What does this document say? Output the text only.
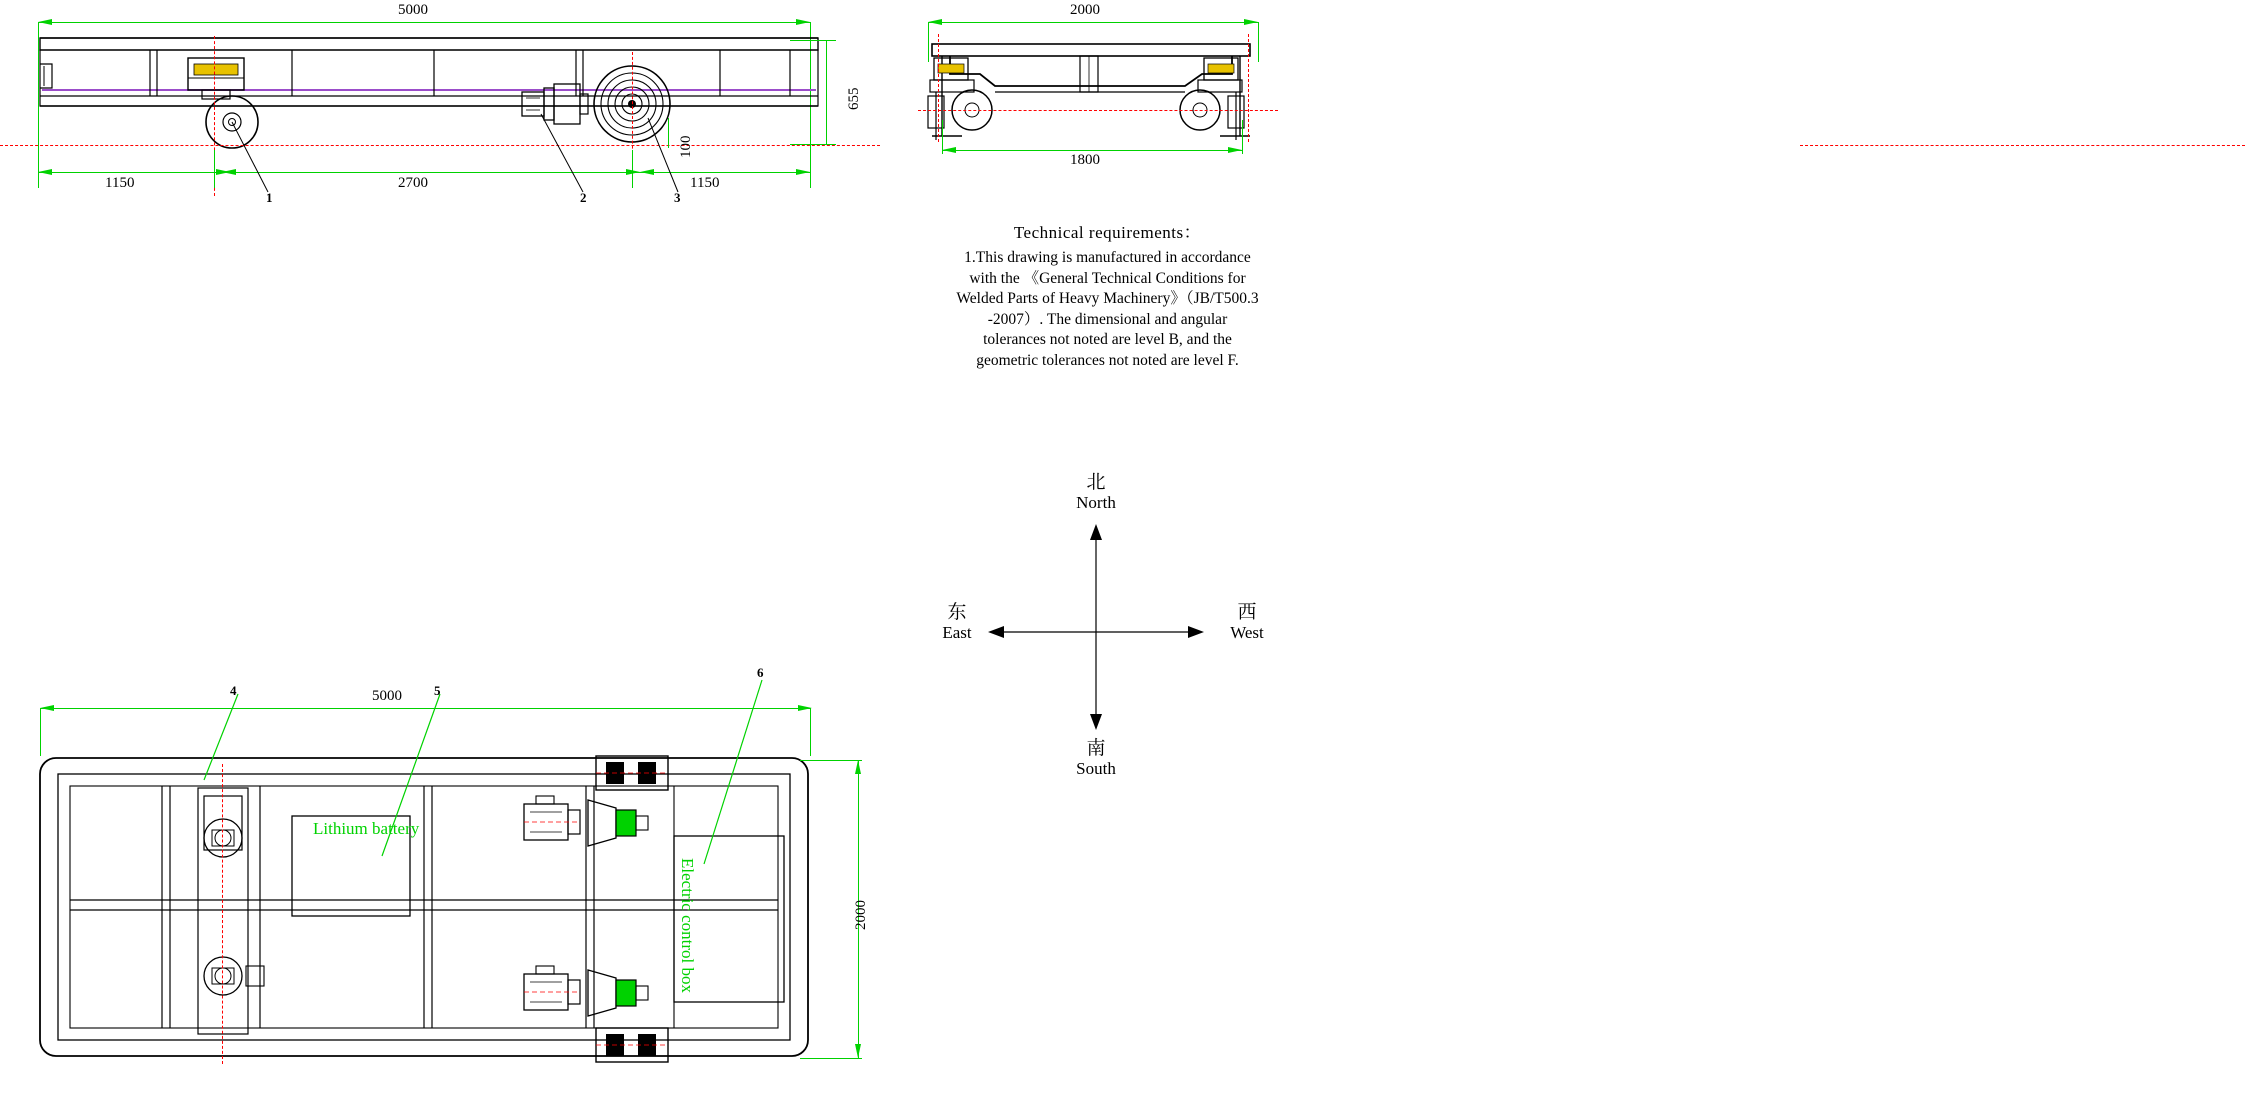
5000
655
100
1150	2700	1150
1	2	3
2000
1800
Technical requirements：
1.This drawing is manufactured in accordance
with the 《General Technical Conditions for
Welded Parts of Heavy Machinery》（JB/T500.3
-2007）. The dimensional and angular
tolerances not noted are level B, and the
geometric tolerances not noted are level F.
5000
Lithium battery
Electric control box	2000
4	5
6
北
North
南
South
东
East
西
West
